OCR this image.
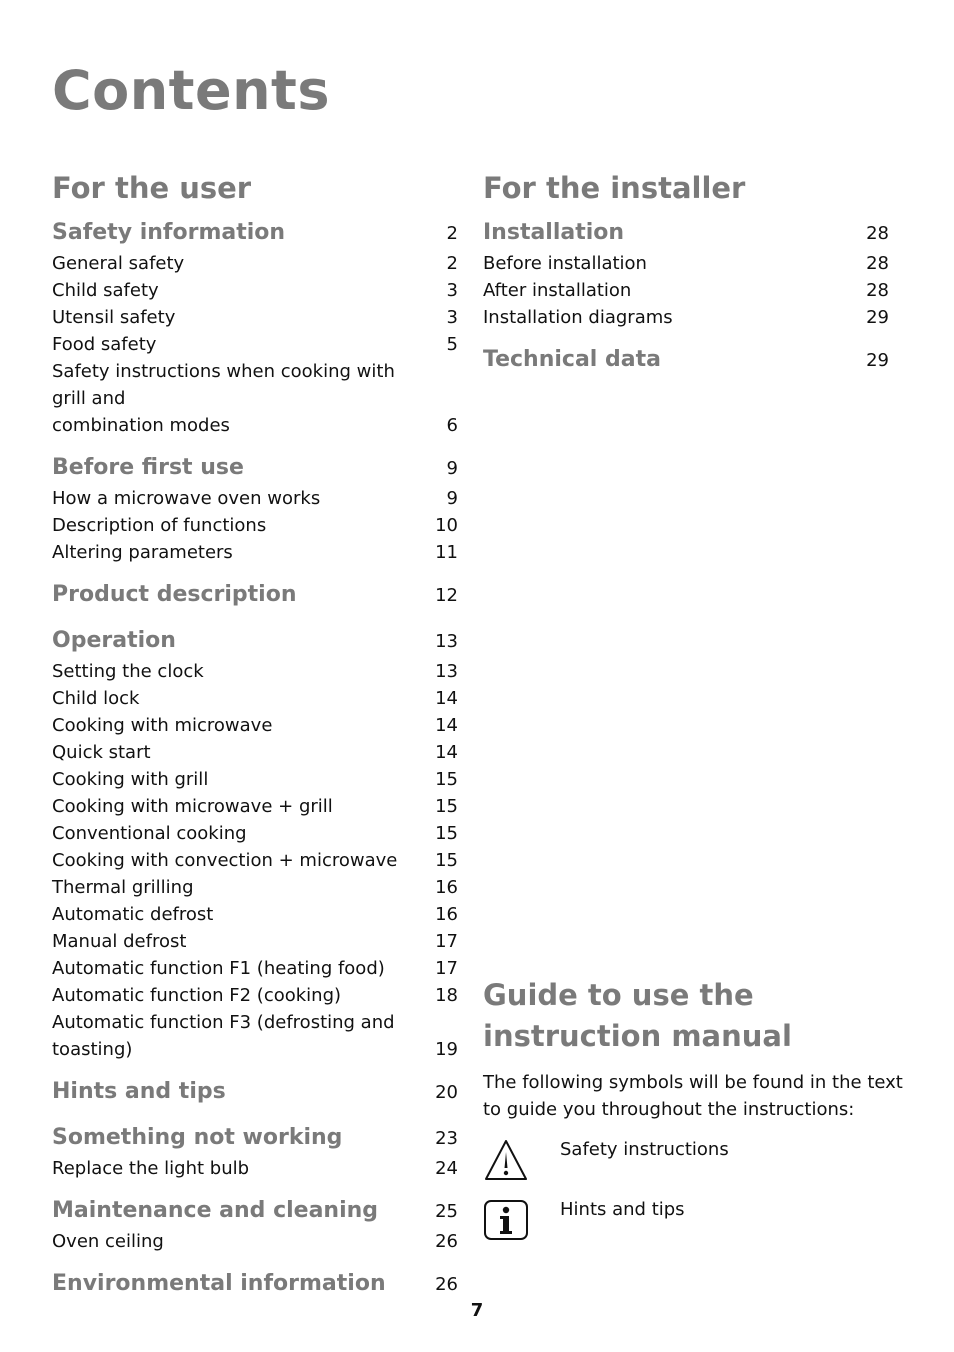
Contents
For the user
Safety information	2
General safety	2
Child safety	3
Utensil safety	3
Food safety	5
Safety instructions when cooking with grill and
combination modes	6
Before first use	9
How a microwave oven works	9
Description of functions	10
Altering parameters	11
Product description	12
Operation	13
Setting the clock	13
Child lock	14
Cooking with microwave	14
Quick start	14
Cooking with grill	15
Cooking with microwave + grill	15
Conventional cooking	15
Cooking with convection + microwave	15
Thermal grilling	16
Automatic defrost	16
Manual defrost	17
Automatic function F1 (heating food)	17
Automatic function F2 (cooking)	18
Automatic function F3 (defrosting and
toasting)	19
Hints and tips	20
Something not working	23
Replace the light bulb	24
Maintenance and cleaning	25
Oven ceiling	26
Environmental information	26
For the installer
Installation	28
Before installation	28
After installation	28
Installation diagrams	29
Technical data	29
Guide to use the
instruction manual
The following symbols will be found in the text
to guide you throughout the instructions:
Safety instructions
Hints and tips
7
